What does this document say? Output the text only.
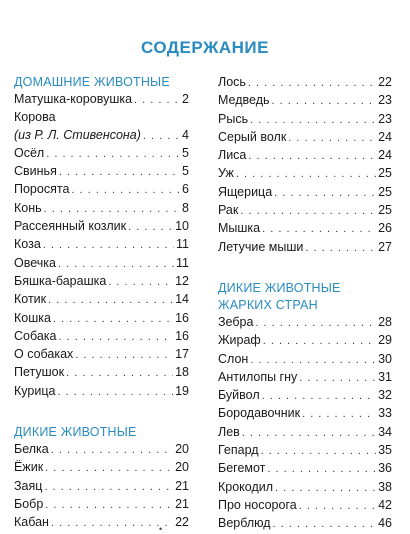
СОДЕРЖАНИЕ
ДОМАШНИЕ ЖИВОТНЫЕ
Матушка-коровушка . . .	2
Корова
(из Р. Л. Стивенсона) . . .	4
Осёл . . .	5
Свинья . . .	5
Поросята . . .	6
Конь . . .	8
Рассеянный козлик . . .	10
Коза . . .	11
Овечка . . .	11
Бяшка-барашка . . .	12
Котик . . .	14
Кошка . . .	16
Собака . . .	16
О собаках . . .	17
Петушок . . .	18
Курица . . .	19
ДИКИЕ ЖИВОТНЫЕ
Белка . . .	20
Ёжик . . .	20
Заяц . . .	21
Бобр . . .	21
Кабан . . .	22
Лось . . .	22
Медведь . . .	23
Рысь . . .	23
Серый волк . . .	24
Лиса . . .	24
Уж . . .	25
Ящерица . . .	25
Рак . . .	25
Мышка . . .	26
Летучие мыши . . .	27
ДИКИЕ ЖИВОТНЫЕ
ЖАРКИХ СТРАН
Зебра . . .	28
Жираф . . .	29
Слон . . .	30
Антилопы гну . . .	31
Буйвол . . .	32
Бородавочник . . .	33
Лев . . .	34
Гепард . . .	35
Бегемот . . .	36
Крокодил . . .	38
Про носорога . . .	42
Верблюд . . .	46
•
